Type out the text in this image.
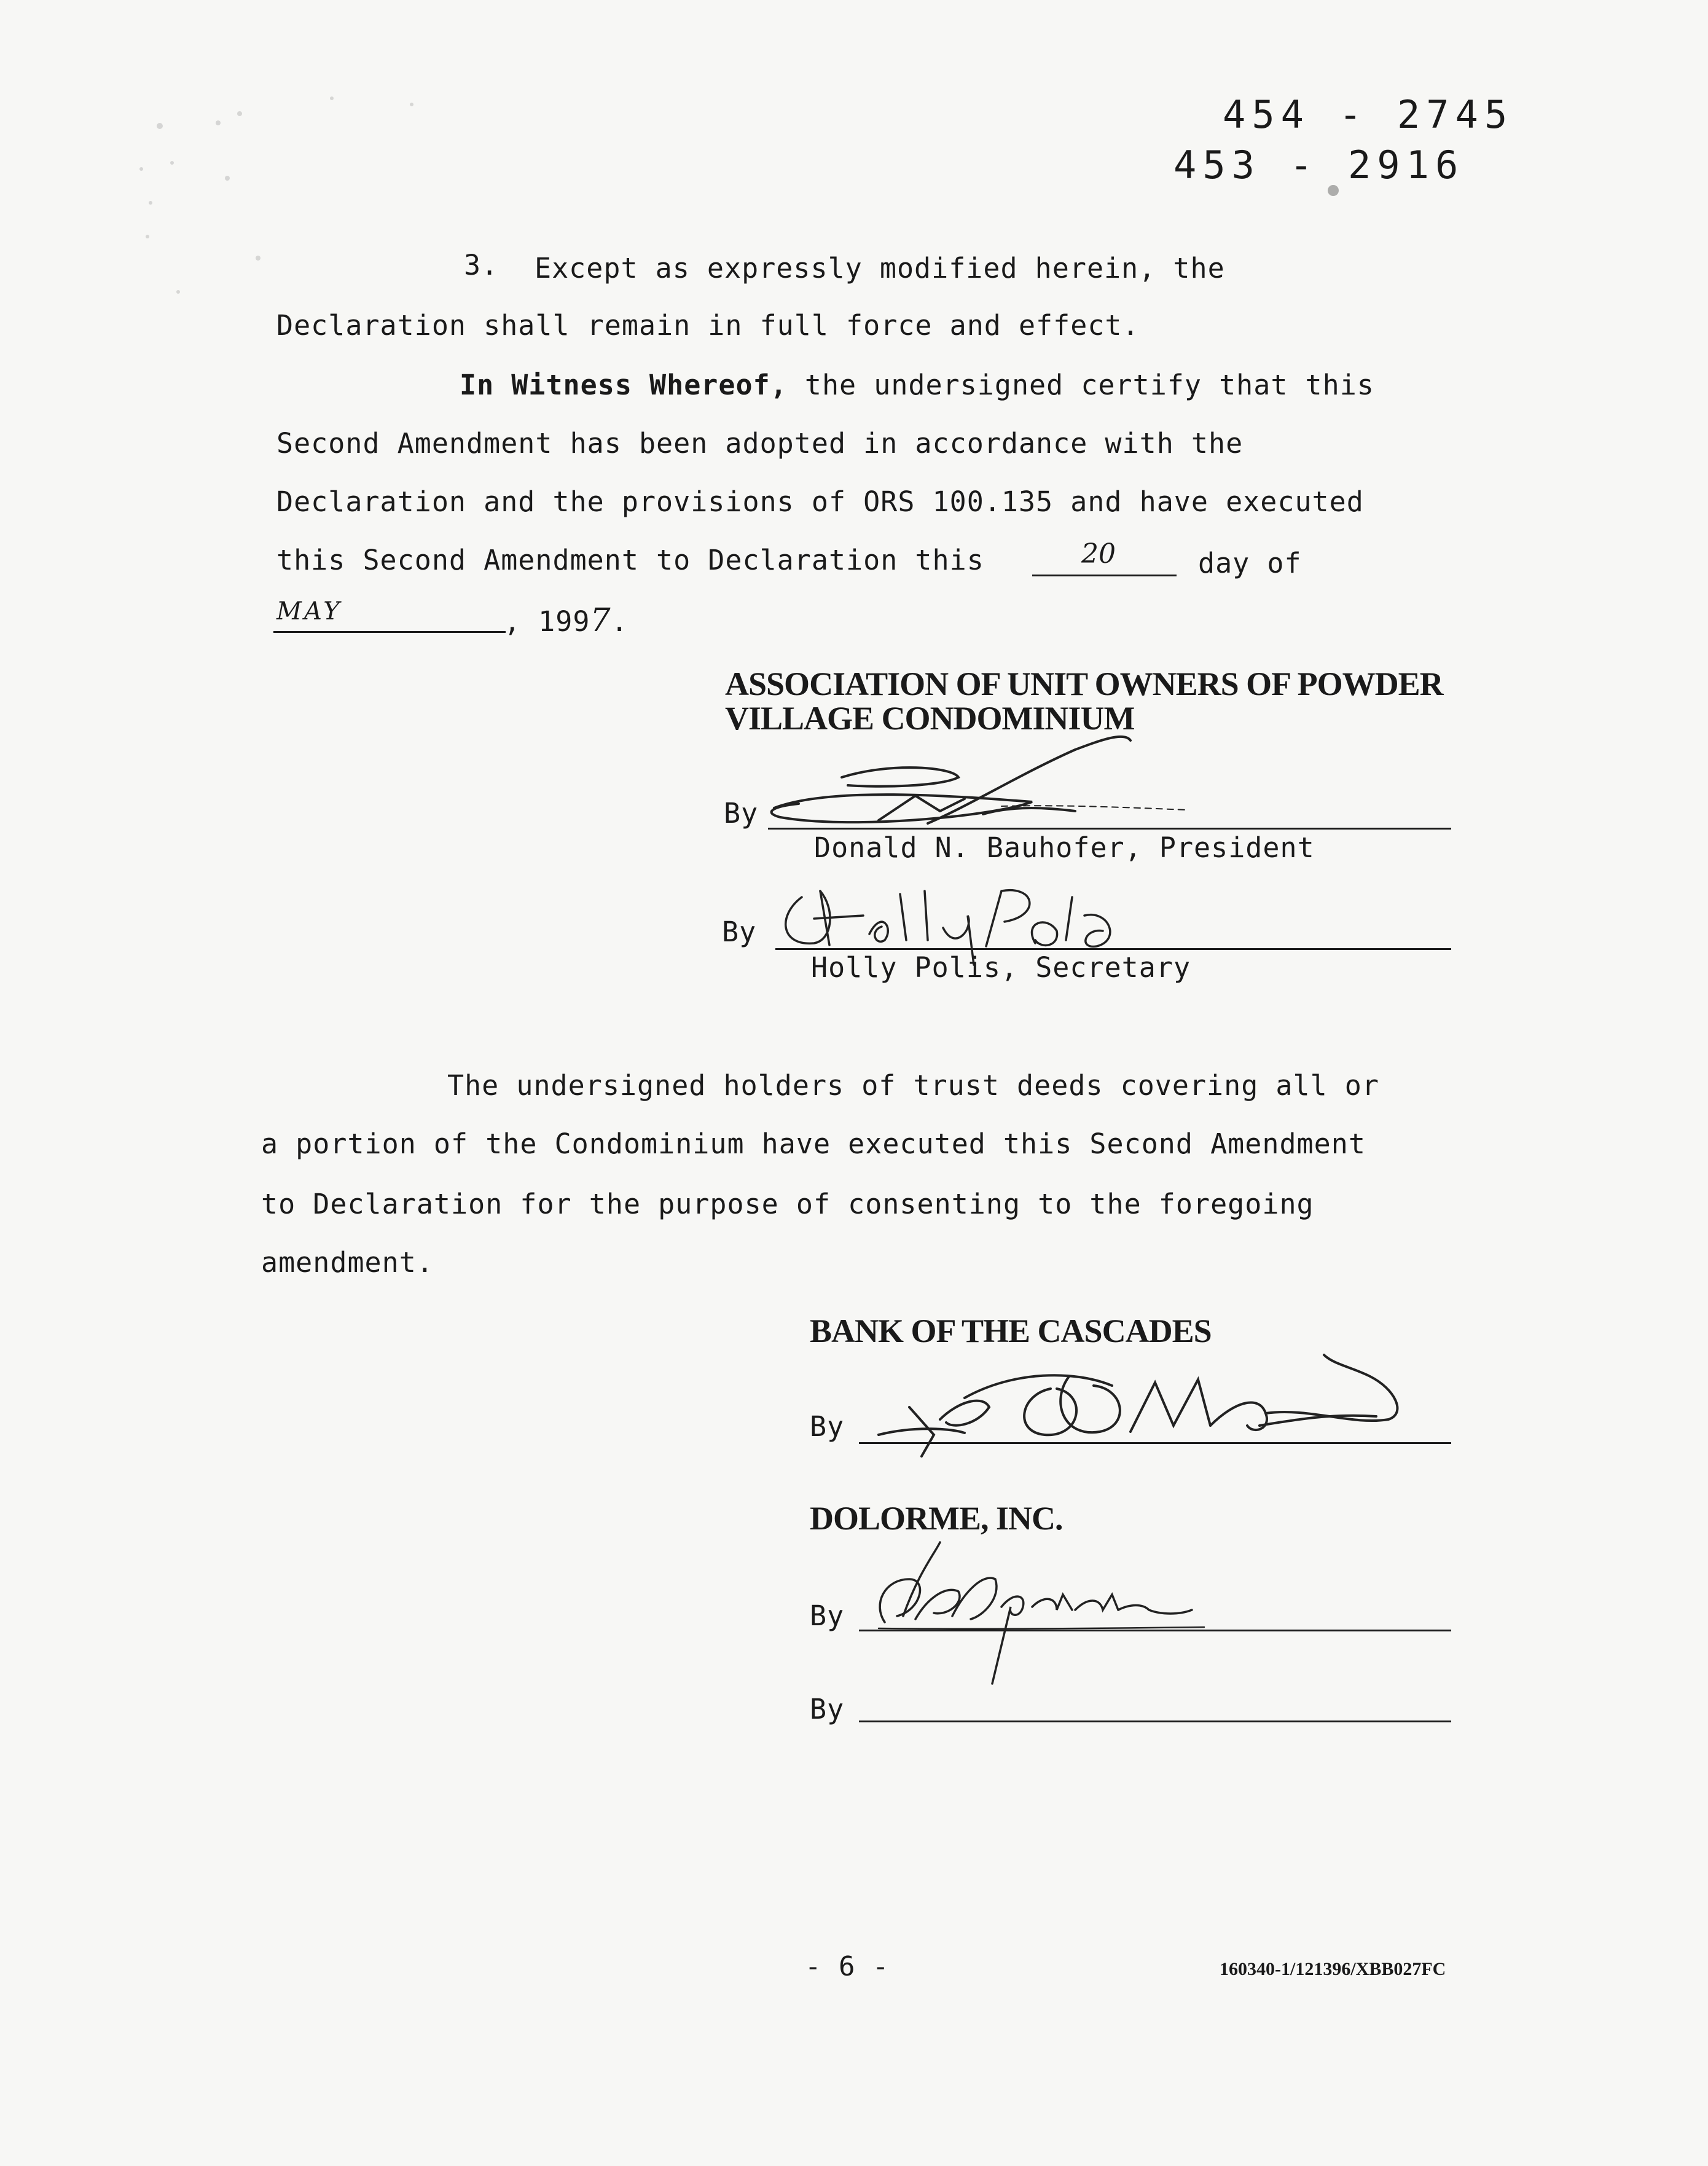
454 - 2745
453 - 2916
3. Except as expressly modified herein, the
Declaration shall remain in full force and effect.
In Witness Whereof, the undersigned certify that this
Second Amendment has been adopted in accordance with the
Declaration and the provisions of ORS 100.135 and have executed
this Second Amendment to Declaration this	20	day of
MAY	, 1997.
ASSOCIATION OF UNIT OWNERS OF POWDER
VILLAGE CONDOMINIUM
By
Donald N. Bauhofer, President
By
Holly Polis, Secretary
The undersigned holders of trust deeds covering all or
a portion of the Condominium have executed this Second Amendment
to Declaration for the purpose of consenting to the foregoing
amendment.
BANK OF THE CASCADES
By
DOLORME, INC.
By
By
- 6 -	160340-1/121396/XBB027FC
